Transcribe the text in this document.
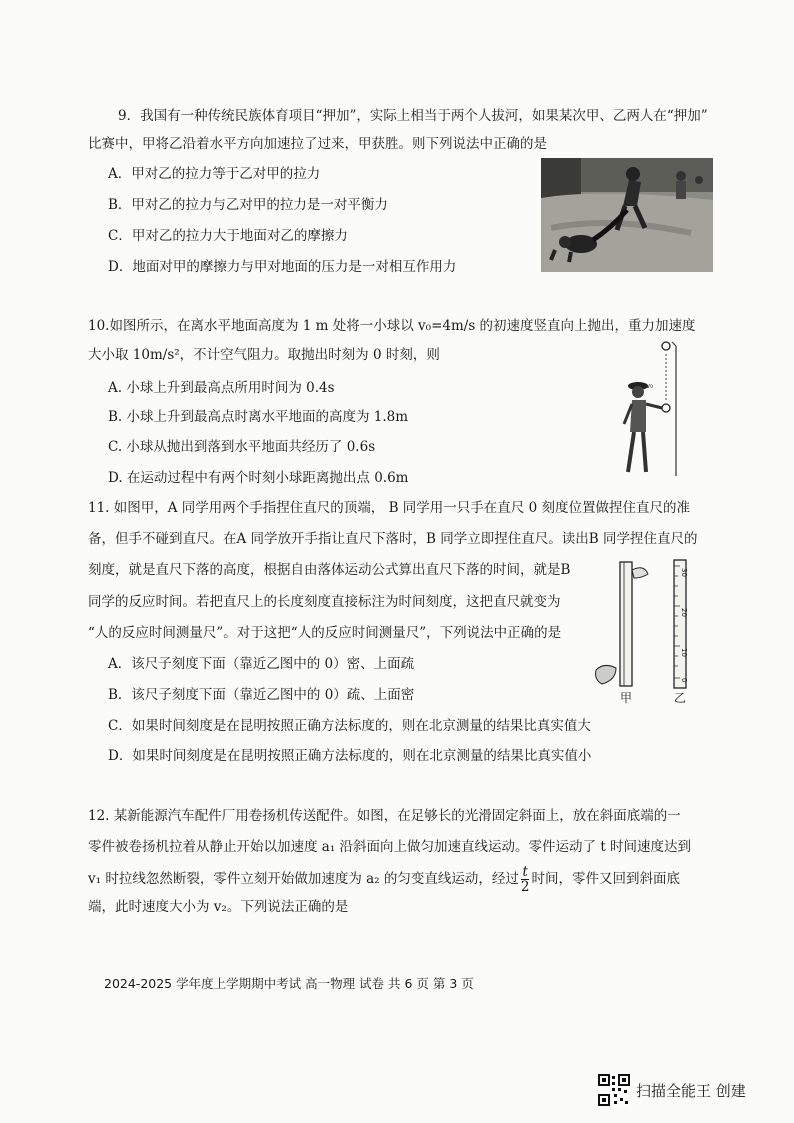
9．我国有一种传统民族体育项目“押加”，实际上相当于两个人拔河，如果某次甲、乙两人在“押加”
比赛中，甲将乙沿着水平方向加速拉了过来，甲获胜。则下列说法中正确的是
A．甲对乙的拉力等于乙对甲的拉力
B．甲对乙的拉力与乙对甲的拉力是一对平衡力
C．甲对乙的拉力大于地面对乙的摩擦力
D．地面对甲的摩擦力与甲对地面的压力是一对相互作用力
10.如图所示，在离水平地面高度为 1 m 处将一小球以 v₀=4m/s 的初速度竖直向上抛出，重力加速度
大小取 10m/s²，不计空气阻力。取抛出时刻为 0 时刻，则
A. 小球上升到最高点所用时间为 0.4s
B. 小球上升到最高点时离水平地面的高度为 1.8m
C. 小球从抛出到落到水平地面共经历了 0.6s
D. 在运动过程中有两个时刻小球距离抛出点 0.6m
v₀
11. 如图甲，A 同学用两个手指捏住直尺的顶端， B 同学用一只手在直尺 0 刻度位置做捏住直尺的准
备，但手不碰到直尺。在A 同学放开手指让直尺下落时，B 同学立即捏住直尺。读出B 同学捏住直尺的
刻度，就是直尺下落的高度，根据自由落体运动公式算出直尺下落的时间，就是B
同学的反应时间。若把直尺上的长度刻度直接标注为时间刻度，这把直尺就变为
“人的反应时间测量尺”。对于这把“人的反应时间测量尺”，下列说法中正确的是
A．该尺子刻度下面（靠近乙图中的 0）密、上面疏
B．该尺子刻度下面（靠近乙图中的 0）疏、上面密
C．如果时间刻度是在昆明按照正确方法标度的，则在北京测量的结果比真实值大
D．如果时间刻度是在昆明按照正确方法标度的，则在北京测量的结果比真实值小
30
20
10
0
甲	乙
12. 某新能源汽车配件厂用卷扬机传送配件。如图，在足够长的光滑固定斜面上，放在斜面底端的一
零件被卷扬机拉着从静止开始以加速度 a₁ 沿斜面向上做匀加速直线运动。零件运动了 t 时间速度达到
v₁ 时拉线忽然断裂，零件立刻开始做加速度为 a₂ 的匀变直线运动，经过 $\frac{t}{2}$ 时间，零件又回到斜面底
端，此时速度大小为 v₂。下列说法正确的是
2024-2025 学年度上学期期中考试 高一物理 试卷 共 6 页 第 3 页
扫描全能王 创建
